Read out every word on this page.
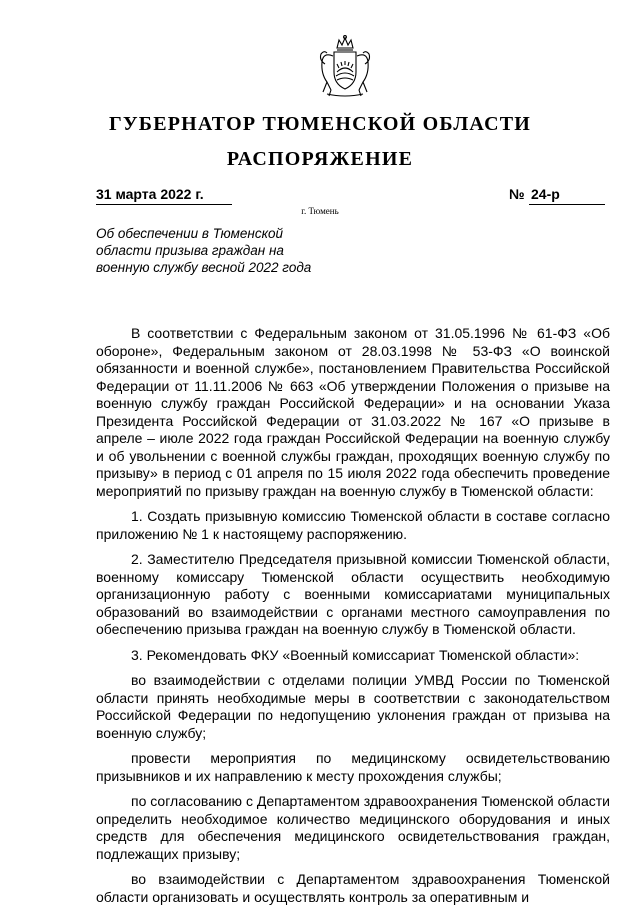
ГУБЕРНАТОР ТЮМЕНСКОЙ ОБЛАСТИ
РАСПОРЯЖЕНИЕ
31 марта 2022 г.	№ 24-р
г. Тюмень
Об обеспечении в Тюменской области призыва граждан на военную службу весной 2022 года

В соответствии с Федеральным законом от 31.05.1996 № 61-ФЗ «Об обороне», Федеральным законом от 28.03.1998 № 53-ФЗ «О воинской обязанности и военной службе», постановлением Правительства Российской Федерации от 11.11.2006 № 663 «Об утверждении Положения о призыве на военную службу граждан Российской Федерации» и на основании Указа Президента Российской Федерации от 31.03.2022 № 167 «О призыве в апреле – июле 2022 года граждан Российской Федерации на военную службу и об увольнении с военной службы граждан, проходящих военную службу по призыву» в период с 01 апреля по 15 июля 2022 года обеспечить проведение мероприятий по призыву граждан на военную службу в Тюменской области:

1. Создать призывную комиссию Тюменской области в составе согласно приложению № 1 к настоящему распоряжению.

2. Заместителю Председателя призывной комиссии Тюменской области, военному комиссару Тюменской области осуществить необходимую организационную работу с военными комиссариатами муниципальных образований во взаимодействии с органами местного самоуправления по обеспечению призыва граждан на военную службу в Тюменской области.

3. Рекомендовать ФКУ «Военный комиссариат Тюменской области»:

во взаимодействии с отделами полиции УМВД России по Тюменской области принять необходимые меры в соответствии с законодательством Российской Федерации по недопущению уклонения граждан от призыва на военную службу;

провести мероприятия по медицинскому освидетельствованию призывников и их направлению к месту прохождения службы;

по согласованию с Департаментом здравоохранения Тюменской области определить необходимое количество медицинского оборудования и иных средств для обеспечения медицинского освидетельствования граждан, подлежащих призыву;

во взаимодействии с Департаментом здравоохранения Тюменской области организовать и осуществлять контроль за оперативным и
